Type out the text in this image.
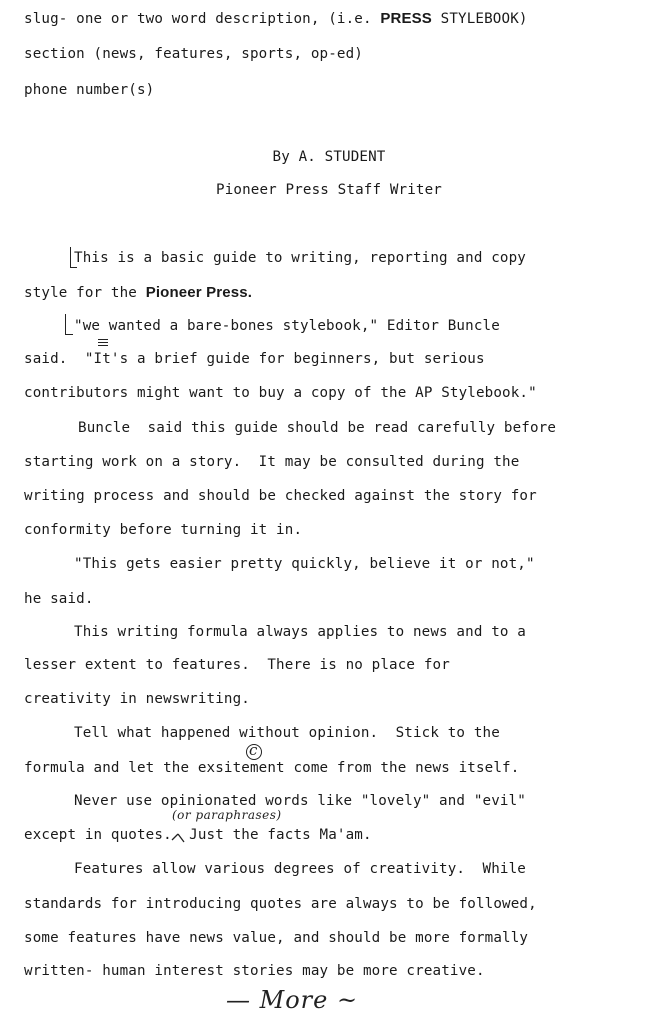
slug- one or two word description, (i.e. PRESS STYLEBOOK)
section (news, features, sports, op-ed)
phone number(s)
By A. STUDENT
Pioneer Press Staff Writer
This is a basic guide to writing, reporting and copy
style for the Pioneer Press.
"we wanted a bare-bones stylebook," Editor Buncle
said.  "It's a brief guide for beginners, but serious
contributors might want to buy a copy of the AP Stylebook."
Buncle  said this guide should be read carefully before
starting work on a story.  It may be consulted during the
writing process and should be checked against the story for
conformity before turning it in.
"This gets easier pretty quickly, believe it or not,"
he said.
This writing formula always applies to news and to a
lesser extent to features.  There is no place for
creativity in newswriting.
Tell what happened without opinion.  Stick to the
c
formula and let the exsitement come from the news itself.
Never use opinionated words like "lovely" and "evil"
(or paraphrases)
except in quotes.  Just the facts Ma'am.
Features allow various degrees of creativity.  While
standards for introducing quotes are always to be followed,
some features have news value, and should be more formally
written- human interest stories may be more creative.
— More ~
